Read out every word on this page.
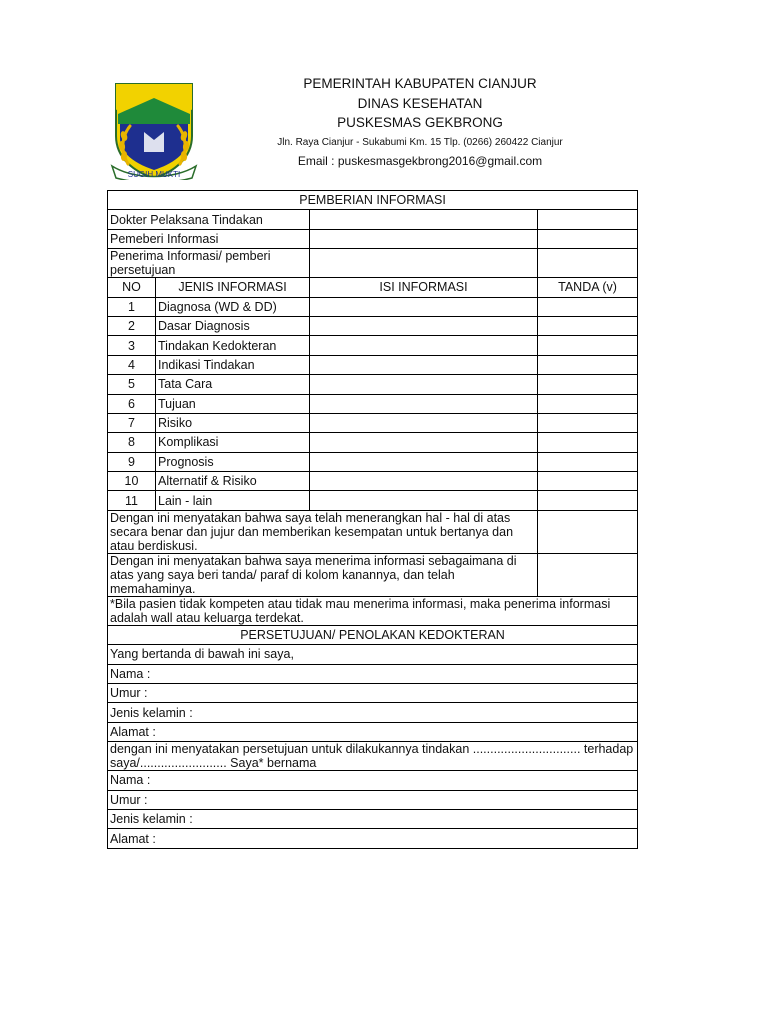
SUGIH MUKTI
PEMERINTAH KABUPATEN CIANJUR
DINAS KESEHATAN
PUSKESMAS GEKBRONG
Jln. Raya Cianjur - Sukabumi Km. 15 Tlp. (0266) 260422 Cianjur
Email : puskesmasgekbrong2016@gmail.com
PEMBERIAN INFORMASI			
Dokter Pelaksana Tindakan			
Pemeberi Informasi			
Penerima Informasi/ pemberi persetujuan			
NO	JENIS INFORMASI	ISI INFORMASI	TANDA (v)
1	Diagnosa (WD & DD)		
2	Dasar Diagnosis		
3	Tindakan Kedokteran		
4	Indikasi Tindakan		
5	Tata Cara		
6	Tujuan		
7	Risiko		
8	Komplikasi		
9	Prognosis		
10	Alternatif & Risiko		
11	Lain - lain		
Dengan ini menyatakan bahwa saya telah menerangkan hal - hal di atas secara benar dan jujur dan memberikan kesempatan untuk bertanya dan atau berdiskusi.			
Dengan ini menyatakan bahwa saya menerima informasi sebagaimana di atas yang saya beri tanda/ paraf di kolom kanannya, dan telah memahaminya.			
*Bila pasien tidak kompeten atau tidak mau menerima informasi, maka penerima informasi adalah wall atau keluarga terdekat.			
PERSETUJUAN/ PENOLAKAN KEDOKTERAN			
Yang bertanda di bawah ini saya,			
Nama :			
Umur :			
Jenis kelamin :			
Alamat :			
dengan ini menyatakan persetujuan untuk dilakukannya tindakan ............................... terhadap saya/......................... Saya* bernama			
Nama :			
Umur :			
Jenis kelamin :			
Alamat :			
